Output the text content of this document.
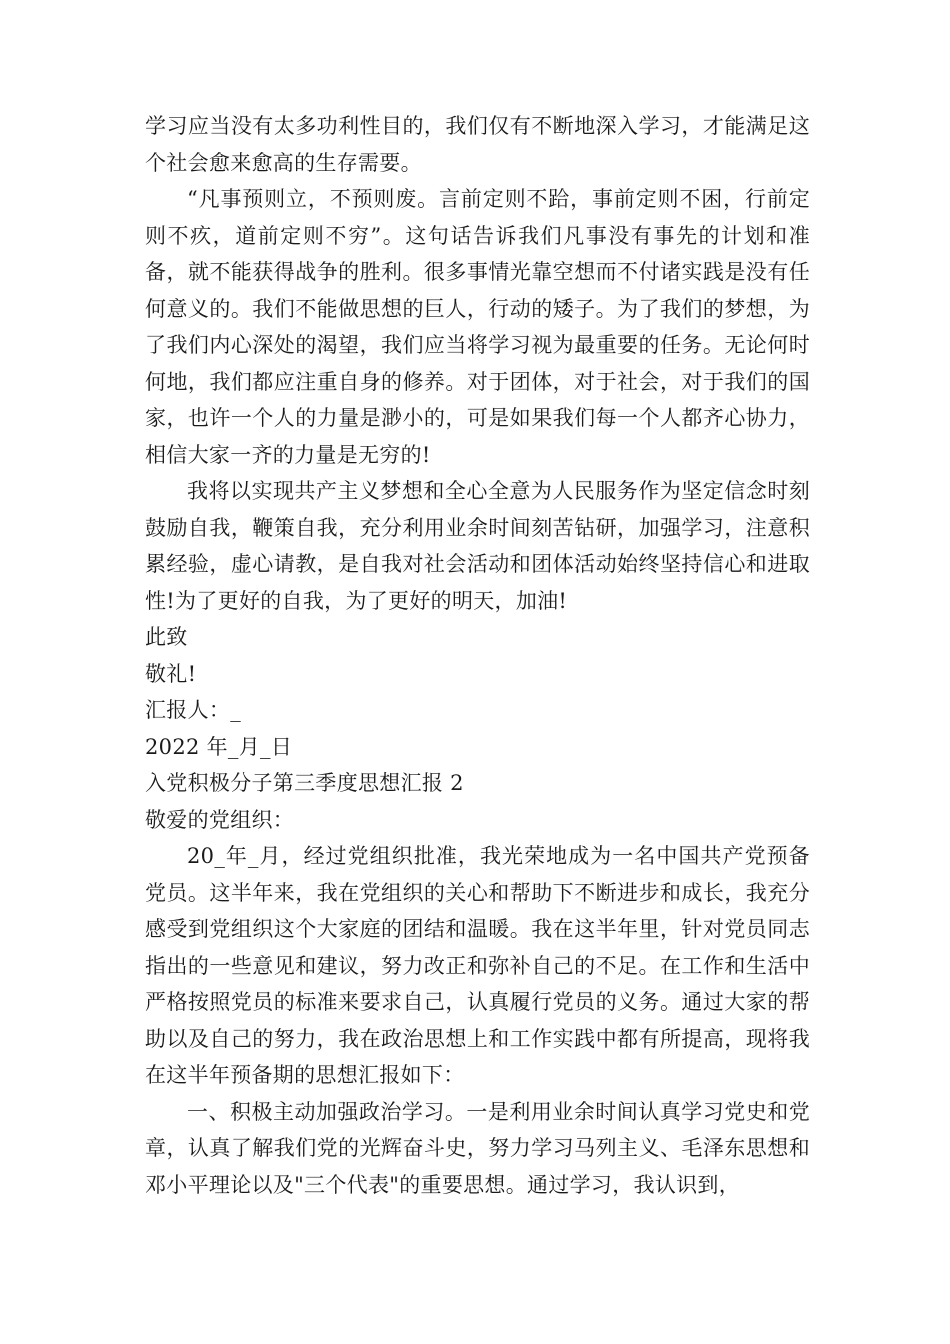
学习应当没有太多功利性目的，我们仅有不断地深入学习，才能满足这个社会愈来愈高的生存需要。

“凡事预则立，不预则废。言前定则不跲，事前定则不困，行前定则不疚，道前定则不穷”。这句话告诉我们凡事没有事先的计划和准备，就不能获得战争的胜利。很多事情光靠空想而不付诸实践是没有任何意义的。我们不能做思想的巨人，行动的矮子。为了我们的梦想，为了我们内心深处的渴望，我们应当将学习视为最重要的任务。无论何时何地，我们都应注重自身的修养。对于团体，对于社会，对于我们的国家，也许一个人的力量是渺小的，可是如果我们每一个人都齐心协力，相信大家一齐的力量是无穷的!

我将以实现共产主义梦想和全心全意为人民服务作为坚定信念时刻鼓励自我，鞭策自我，充分利用业余时间刻苦钻研，加强学习，注意积累经验，虚心请教，是自我对社会活动和团体活动始终坚持信心和进取性!为了更好的自我，为了更好的明天，加油!

此致

敬礼!

汇报人：_

2022 年_月_日

入党积极分子第三季度思想汇报 2

敬爱的党组织：

20_年_月，经过党组织批准，我光荣地成为一名中国共产党预备党员。这半年来，我在党组织的关心和帮助下不断进步和成长，我充分感受到党组织这个大家庭的团结和温暖。我在这半年里，针对党员同志指出的一些意见和建议，努力改正和弥补自己的不足。在工作和生活中严格按照党员的标准来要求自己，认真履行党员的义务。通过大家的帮助以及自己的努力，我在政治思想上和工作实践中都有所提高，现将我在这半年预备期的思想汇报如下：

一、积极主动加强政治学习。一是利用业余时间认真学习党史和党章，认真了解我们党的光辉奋斗史，努力学习马列主义、毛泽东思想和邓小平理论以及"三个代表"的重要思想。通过学习，我认识到，
